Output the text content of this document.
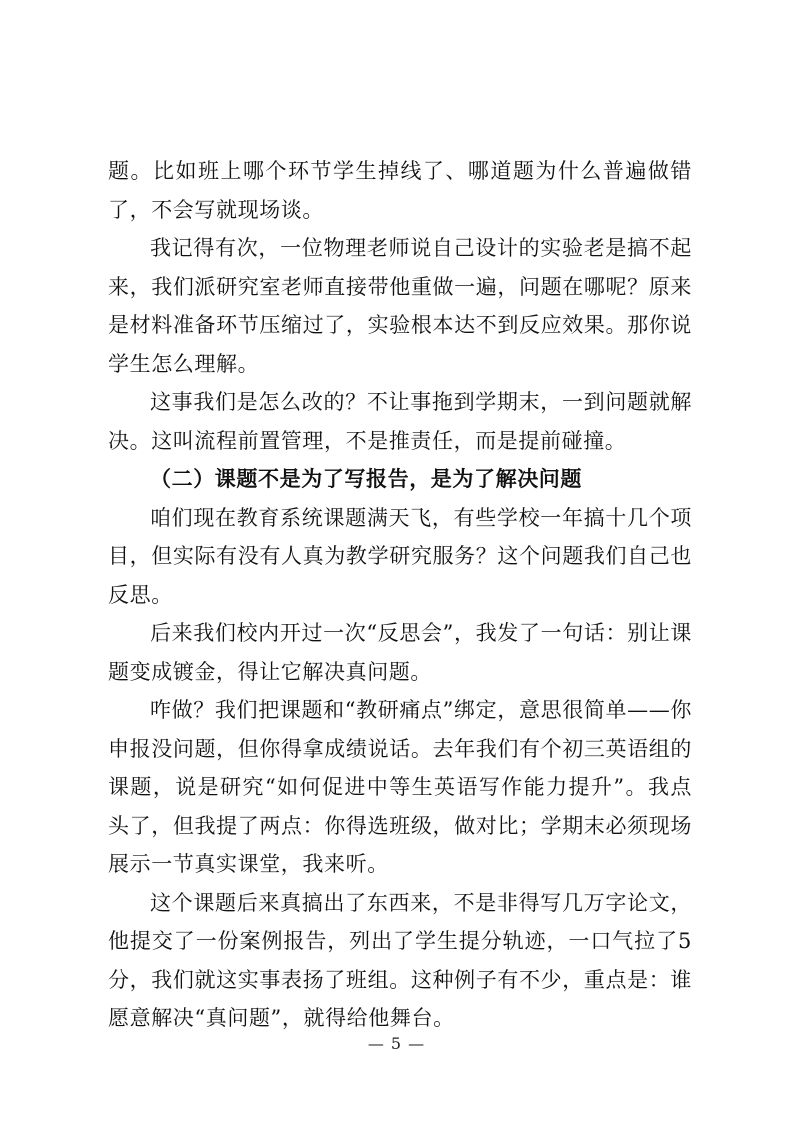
题。比如班上哪个环节学生掉线了、哪道题为什么普遍做错了，不会写就现场谈。

我记得有次，一位物理老师说自己设计的实验老是搞不起来，我们派研究室老师直接带他重做一遍，问题在哪呢？原来是材料准备环节压缩过了，实验根本达不到反应效果。那你说学生怎么理解。

这事我们是怎么改的？不让事拖到学期末，一到问题就解决。这叫流程前置管理，不是推责任，而是提前碰撞。

（二）课题不是为了写报告，是为了解决问题

咱们现在教育系统课题满天飞，有些学校一年搞十几个项目，但实际有没有人真为教学研究服务？这个问题我们自己也反思。

后来我们校内开过一次“反思会”，我发了一句话：别让课题变成镀金，得让它解决真问题。

咋做？我们把课题和“教研痛点”绑定，意思很简单——你申报没问题，但你得拿成绩说话。去年我们有个初三英语组的课题，说是研究“如何促进中等生英语写作能力提升”。我点头了，但我提了两点：你得选班级，做对比；学期末必须现场展示一节真实课堂，我来听。

这个课题后来真搞出了东西来，不是非得写几万字论文，他提交了一份案例报告，列出了学生提分轨迹，一口气拉了5分，我们就这实事表扬了班组。这种例子有不少，重点是：谁愿意解决“真问题”，就得给他舞台。

— 5 —
